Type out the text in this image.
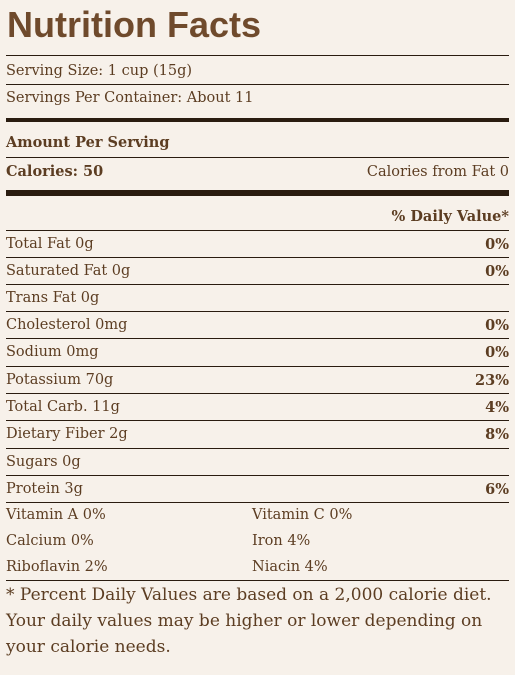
Nutrition Facts
Serving Size: 1 cup (15g)
Servings Per Container: About 11
Amount Per Serving
Calories: 50	Calories from Fat 0
% Daily Value*
Total Fat 0g	0%
Saturated Fat 0g	0%
Trans Fat 0g
Cholesterol 0mg	0%
Sodium 0mg	0%
Potassium 70g	23%
Total Carb. 11g	4%
Dietary Fiber 2g	8%
Sugars 0g
Protein 3g	6%
Vitamin A 0%	Vitamin C 0%
Calcium 0%	Iron 4%
Riboflavin 2%	Niacin 4%
* Percent Daily Values are based on a 2,000 calorie diet. Your daily values may be higher or lower depending on your calorie needs.
